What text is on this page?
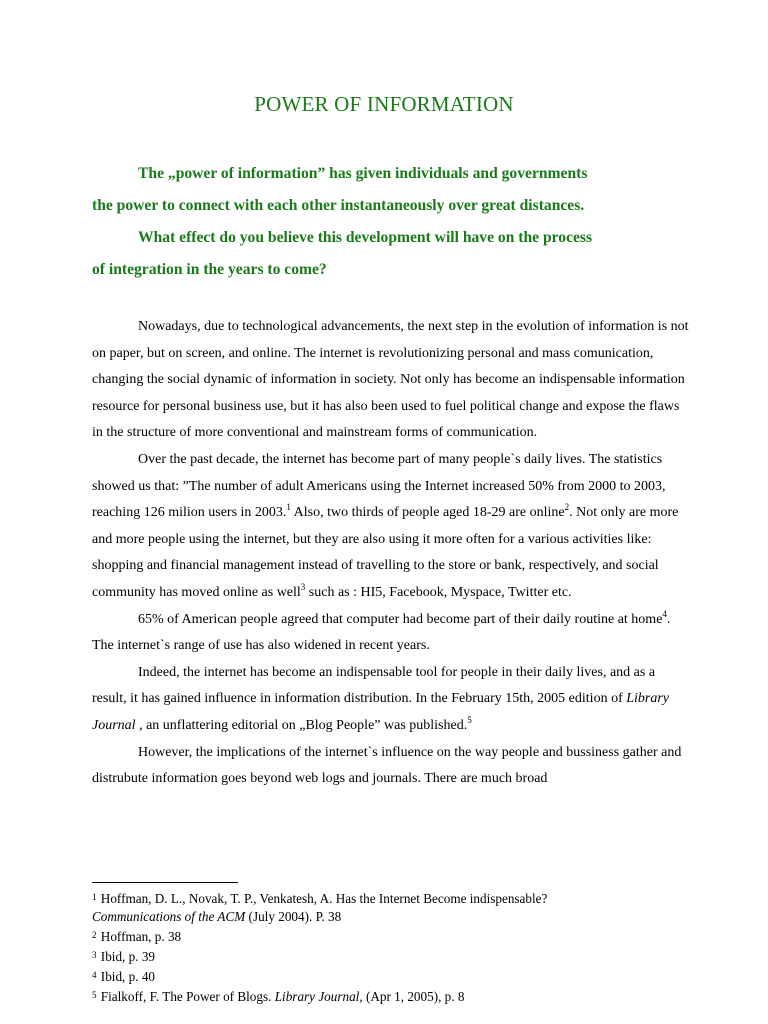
POWER OF INFORMATION

The „power of information” has given individuals and governments
the power to connect with each other instantaneously over great distances.

What effect do you believe this development will have on the process
of integration in the years to come?

Nowadays, due to technological advancements, the next step in the evolution of information is not on paper, but on screen, and online. The internet is revolutionizing personal and mass comunication, changing the social dynamic of information in society. Not only has become an indispensable information resource for personal business use, but it has also been used to fuel political change and expose the flaws in the structure of more conventional and mainstream forms of communication.

Over the past decade, the internet has become part of many people`s daily lives. The statistics showed us that: ”The number of adult Americans using the Internet increased 50% from 2000 to 2003, reaching 126 milion users in 2003.$^1$ Also, two thirds of people aged 18-29 are online$^2$. Not only are more and more people using the internet, but they are also using it more often for a various activities like: shopping and financial management instead of travelling to the store or bank, respectively, and social community has moved online as well$^3$ such as : HI5, Facebook, Myspace, Twitter etc.

65% of American people agreed that computer had become part of their daily routine at home$^4$. The internet`s range of use has also widened in recent years.

Indeed, the internet has become an indispensable tool for people in their daily lives, and as a result, it has gained influence in information distribution. In the February 15th, 2005 edition of Library Journal , an unflattering editorial on „Blog People” was published.$^5$

However, the implications of the internet`s influence on the way people and bussiness gather and distrubute information goes beyond web logs and journals. There are much broad

$^1$ Hoffman, D. L., Novak, T. P., Venkatesh, A. Has the Internet Become indispensable?
Communications of the ACM (July 2004). P. 38
$^2$ Hoffman, p. 38
$^3$ Ibid, p. 39
$^4$ Ibid, p. 40
$^5$ Fialkoff, F. The Power of Blogs. Library Journal, (Apr 1, 2005), p. 8
